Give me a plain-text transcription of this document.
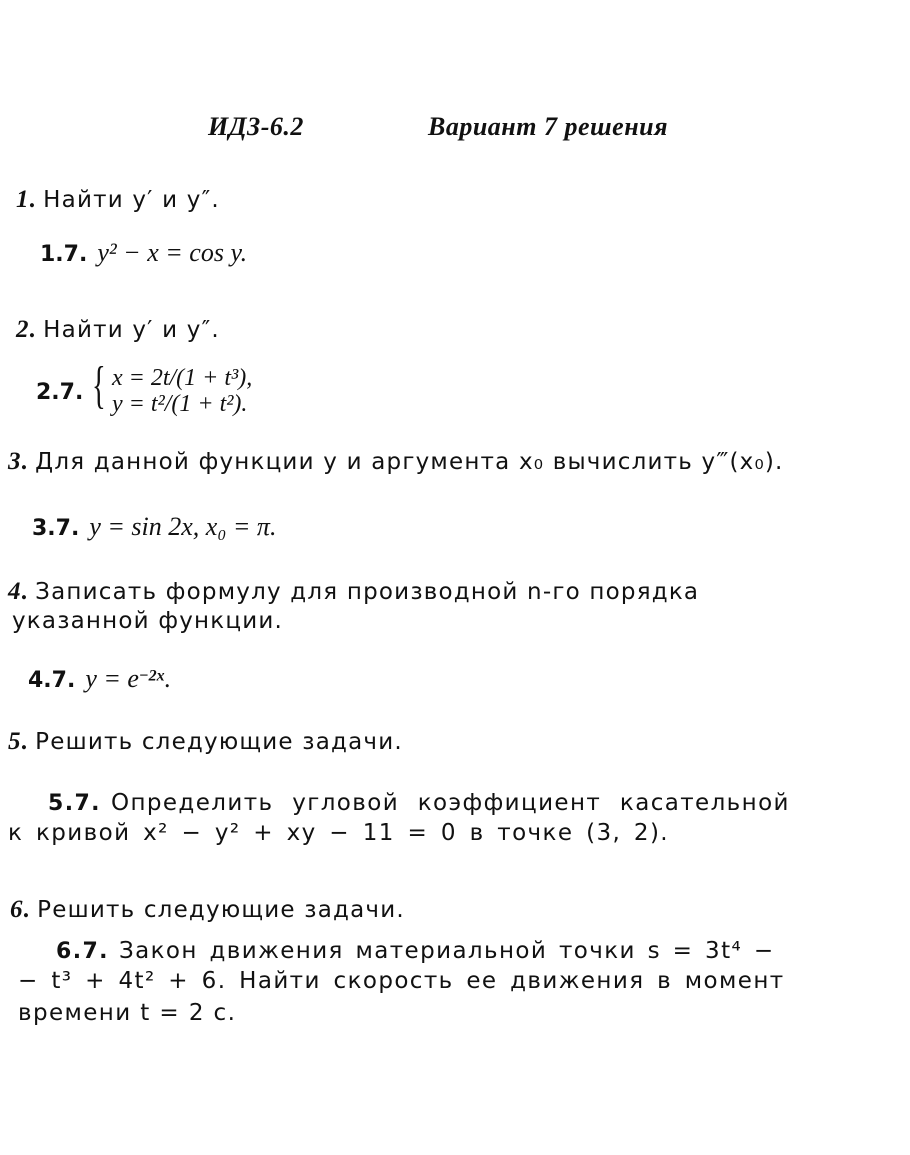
ИДЗ-6.2	Вариант 7 решения
1. Найти y′ и y″.
1.7. y² − x = cos y.
2. Найти y′ и y″.
2.7. { x = 2t/(1 + t³),
y = t²/(1 + t²).
3. Для данной функции y и аргумента x₀ вычислить y‴(x₀).
3.7. y = sin 2x, x₀ = π.
4. Записать формулу для производной n-го порядка
указанной функции.
4.7. $y = e^{-2x}$.
5. Решить следующие задачи.
5.7. Определить угловой коэффициент касательной
к кривой x² − y² + xy − 11 = 0 в точке (3, 2).
6. Решить следующие задачи.
6.7. Закон движения материальной точки s = 3t⁴ −
− t³ + 4t² + 6. Найти скорость ее движения в момент
времени t = 2 с.
